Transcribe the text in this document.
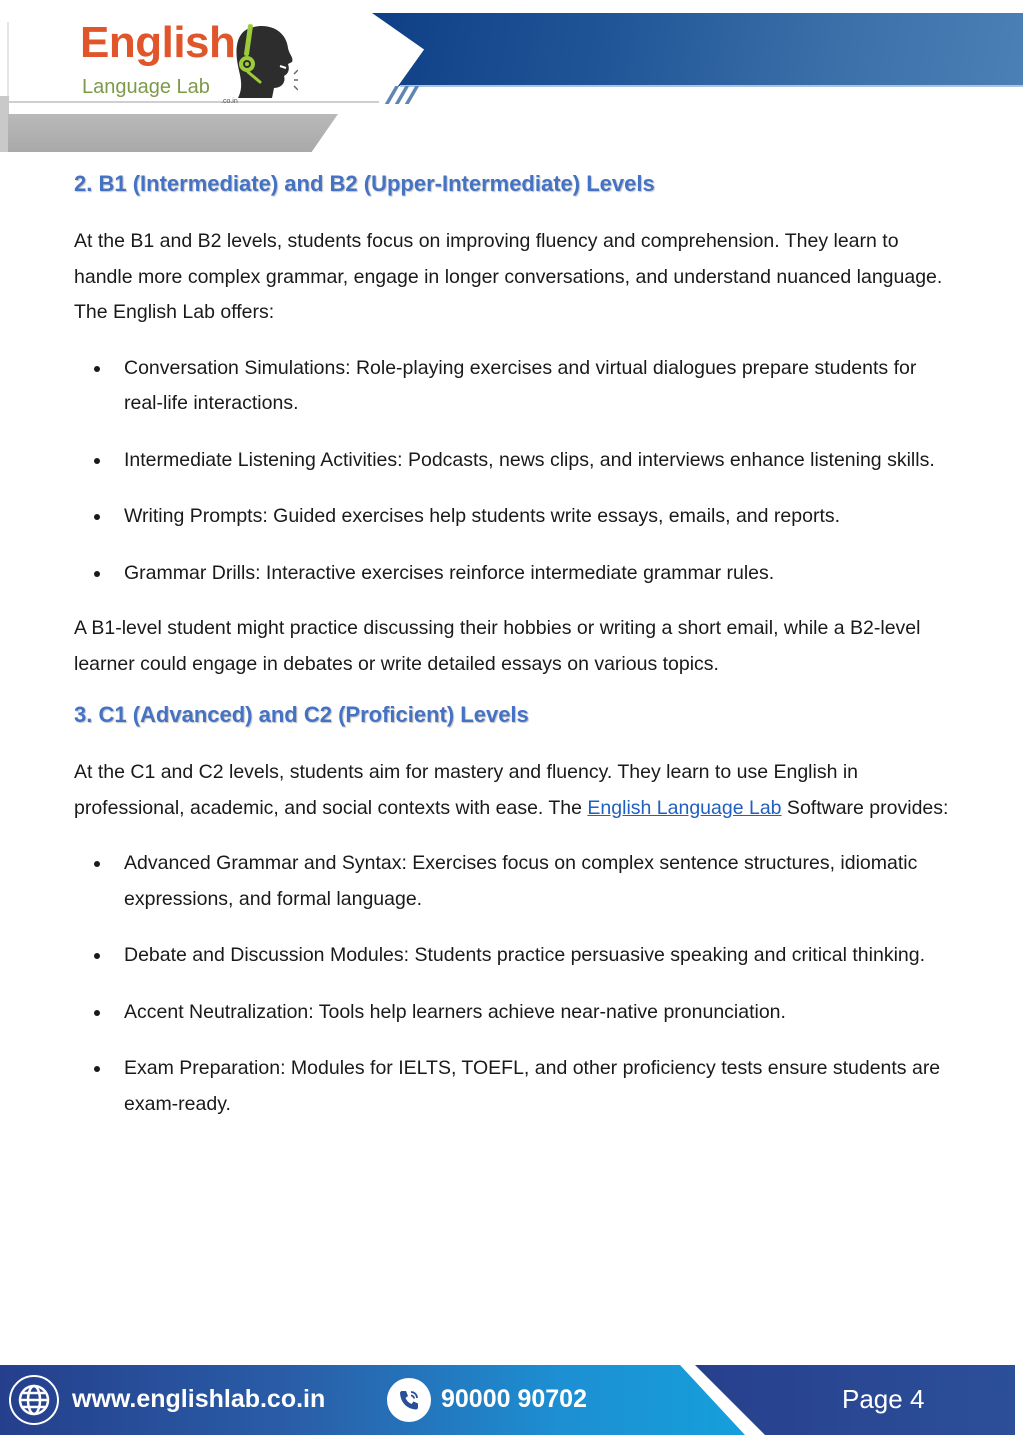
English
Language Lab
.co.in
2. B1 (Intermediate) and B2 (Upper-Intermediate) Levels

At the B1 and B2 levels, students focus on improving fluency and comprehension. They learn to handle more complex grammar, engage in longer conversations, and understand nuanced language. The English Lab offers:

Conversation Simulations: Role-playing exercises and virtual dialogues prepare students for real-life interactions.
Intermediate Listening Activities: Podcasts, news clips, and interviews enhance listening skills.
Writing Prompts: Guided exercises help students write essays, emails, and reports.
Grammar Drills: Interactive exercises reinforce intermediate grammar rules.

A B1-level student might practice discussing their hobbies or writing a short email, while a B2-level learner could engage in debates or write detailed essays on various topics.

3. C1 (Advanced) and C2 (Proficient) Levels

At the C1 and C2 levels, students aim for mastery and fluency. They learn to use English in professional, academic, and social contexts with ease. The English Language Lab Software provides:

Advanced Grammar and Syntax: Exercises focus on complex sentence structures, idiomatic expressions, and formal language.
Debate and Discussion Modules: Students practice persuasive speaking and critical thinking.
Accent Neutralization: Tools help learners achieve near-native pronunciation.
Exam Preparation: Modules for IELTS, TOEFL, and other proficiency tests ensure students are exam-ready.
www.englishlab.co.in	90000 90702	Page 4
